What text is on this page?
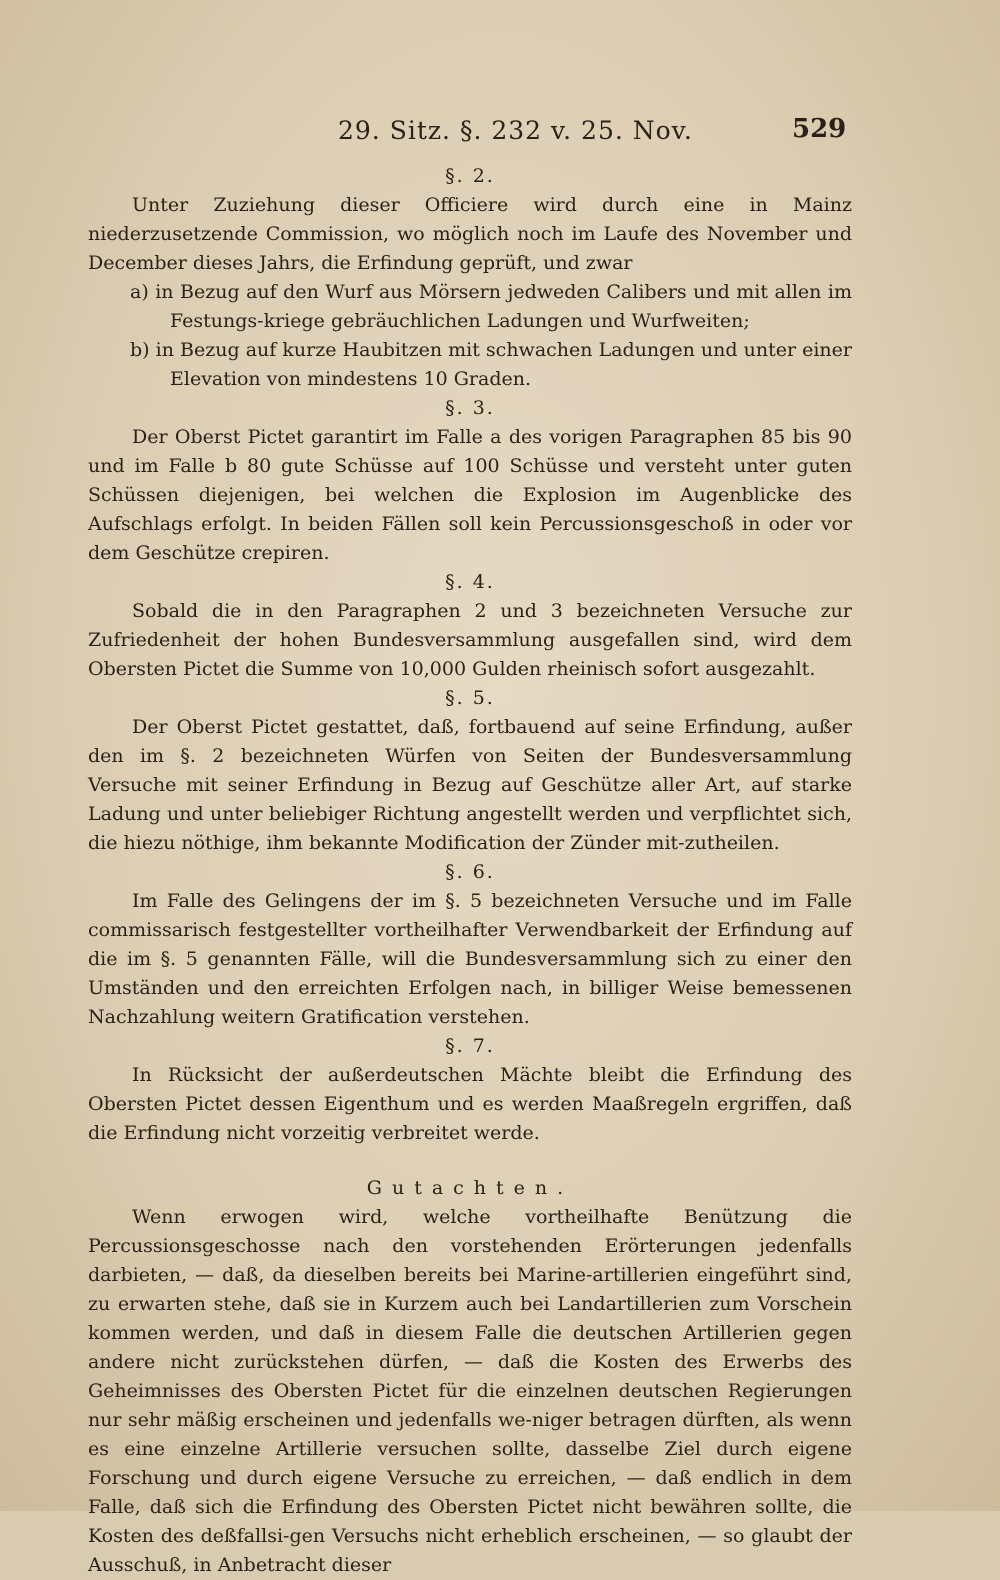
29. Sitz. §. 232 v. 25. Nov.	529

§. 2.

Unter Zuziehung dieser Officiere wird durch eine in Mainz niederzusetzende Commission, wo möglich noch im Laufe des November und December dieses Jahrs, die Erfindung geprüft, und zwar

a) in Bezug auf den Wurf aus Mörsern jedweden Calibers und mit allen im Festungs-kriege gebräuchlichen Ladungen und Wurfweiten;

b) in Bezug auf kurze Haubitzen mit schwachen Ladungen und unter einer Elevation von mindestens 10 Graden.

§. 3.

Der Oberst Pictet garantirt im Falle a des vorigen Paragraphen 85 bis 90 und im Falle b 80 gute Schüsse auf 100 Schüsse und versteht unter guten Schüssen diejenigen, bei welchen die Explosion im Augenblicke des Aufschlags erfolgt. In beiden Fällen soll kein Percussionsgeschoß in oder vor dem Geschütze crepiren.

§. 4.

Sobald die in den Paragraphen 2 und 3 bezeichneten Versuche zur Zufriedenheit der hohen Bundesversammlung ausgefallen sind, wird dem Obersten Pictet die Summe von 10,000 Gulden rheinisch sofort ausgezahlt.

§. 5.

Der Oberst Pictet gestattet, daß, fortbauend auf seine Erfindung, außer den im §. 2 bezeichneten Würfen von Seiten der Bundesversammlung Versuche mit seiner Erfindung in Bezug auf Geschütze aller Art, auf starke Ladung und unter beliebiger Richtung angestellt werden und verpflichtet sich, die hiezu nöthige, ihm bekannte Modification der Zünder mit-zutheilen.

§. 6.

Im Falle des Gelingens der im §. 5 bezeichneten Versuche und im Falle commissarisch festgestellter vortheilhafter Verwendbarkeit der Erfindung auf die im §. 5 genannten Fälle, will die Bundesversammlung sich zu einer den Umständen und den erreichten Erfolgen nach, in billiger Weise bemessenen Nachzahlung weitern Gratification verstehen.

§. 7.

In Rücksicht der außerdeutschen Mächte bleibt die Erfindung des Obersten Pictet dessen Eigenthum und es werden Maaßregeln ergriffen, daß die Erfindung nicht vorzeitig verbreitet werde.

Gutachten.

Wenn erwogen wird, welche vortheilhafte Benützung die Percussionsgeschosse nach den vorstehenden Erörterungen jedenfalls darbieten, — daß, da dieselben bereits bei Marine-artillerien eingeführt sind, zu erwarten stehe, daß sie in Kurzem auch bei Landartillerien zum Vorschein kommen werden, und daß in diesem Falle die deutschen Artillerien gegen andere nicht zurückstehen dürfen, — daß die Kosten des Erwerbs des Geheimnisses des Obersten Pictet für die einzelnen deutschen Regierungen nur sehr mäßig erscheinen und jedenfalls we-niger betragen dürften, als wenn es eine einzelne Artillerie versuchen sollte, dasselbe Ziel durch eigene Forschung und durch eigene Versuche zu erreichen, — daß endlich in dem Falle, daß sich die Erfindung des Obersten Pictet nicht bewähren sollte, die Kosten des deßfallsi-gen Versuchs nicht erheblich erscheinen, — so glaubt der Ausschuß, in Anbetracht dieser
